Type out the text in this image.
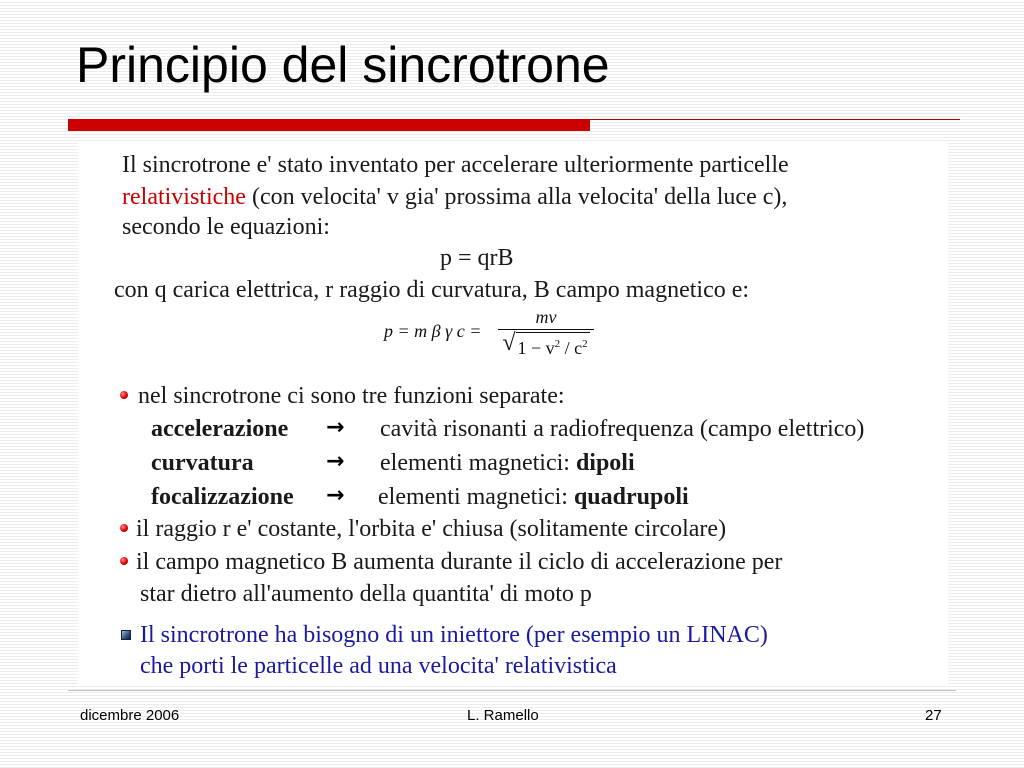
Principio del sincrotrone
Il sincrotrone e' stato inventato per accelerare ulteriormente particelle
relativistiche (con velocita' v gia' prossima alla velocita' della luce c),
secondo le equazioni:
p = qrB
con q carica elettrica, r raggio di curvatura, B campo magnetico e:
p = m β γ c =
mv
√ $1 - v^2 / c^2$
nel sincrotrone ci sono tre funzioni separate:
accelerazione → cavità risonanti a radiofrequenza (campo elettrico)
curvatura	→ elementi magnetici: dipoli
focalizzazione → elementi magnetici: quadrupoli
il raggio r e' costante, l'orbita e' chiusa (solitamente circolare)
il campo magnetico B aumenta durante il ciclo di accelerazione per
star dietro all'aumento della quantita' di moto p
Il sincrotrone ha bisogno di un iniettore (per esempio un LINAC)
che porti le particelle ad una velocita' relativistica
dicembre 2006	L. Ramello	27
